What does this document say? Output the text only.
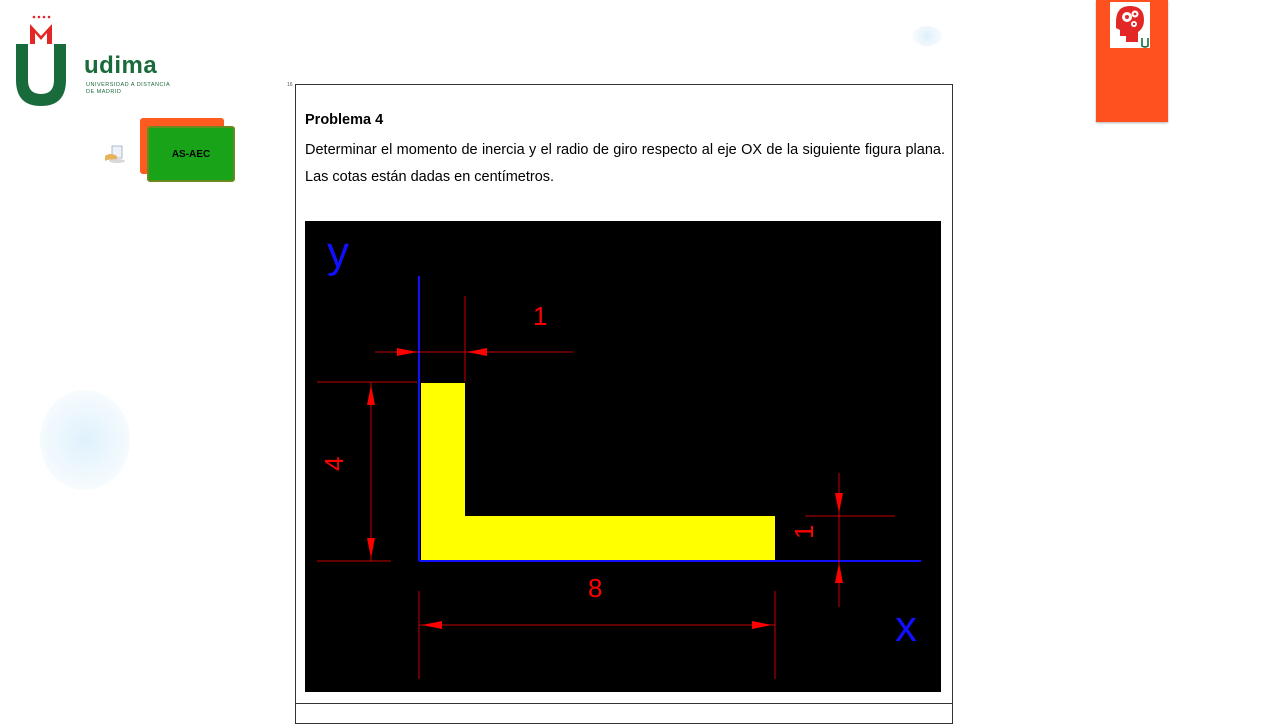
udima
UNIVERSIDAD A DISTANCIA
DE MADRID
AS-AEC
16
Problema 4
Determinar el momento de inercia y el radio de giro respecto al eje OX de la siguiente figura plana. Las cotas están dadas en centímetros.
y
x
1
4
8
1
